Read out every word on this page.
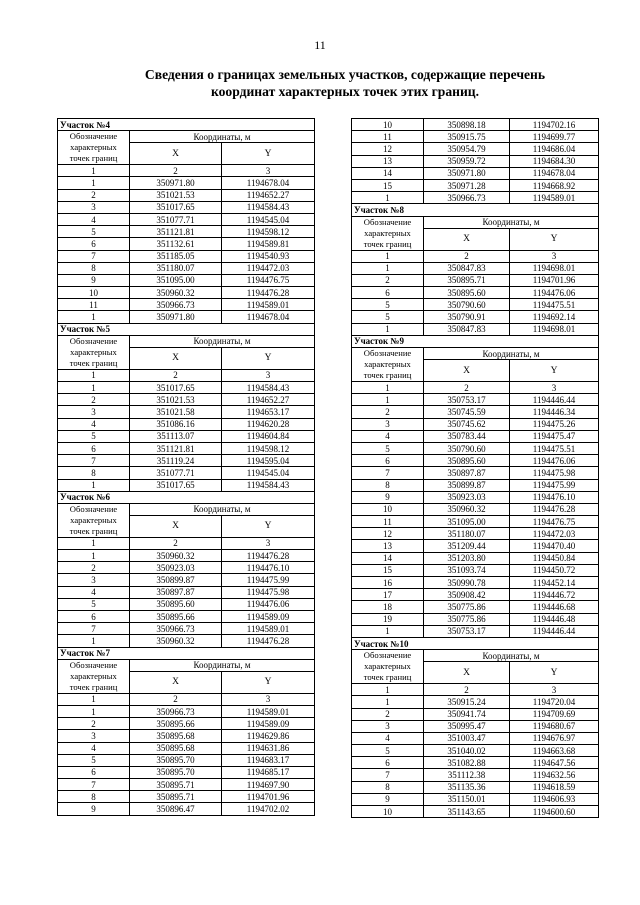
11
Сведения о границах земельных участков, содержащие перечень
координат характерных точек этих границ.
Участок №4		

Обозначение
характерных
точек границ	Координаты, м	
	X	Y

1	2	3
1	350971.80	1194678.04
2	351021.53	1194652.27
3	351017.65	1194584.43
4	351077.71	1194545.04
5	351121.81	1194598.12
6	351132.61	1194589.81
7	351185.05	1194540.93
8	351180.07	1194472.03
9	351095.00	1194476.75
10	350960.32	1194476.28
11	350966.73	1194589.01
1	350971.80	1194678.04
Участок №5		

Обозначение
характерных
точек границ	Координаты, м	
	X	Y

1	2	3
1	351017.65	1194584.43
2	351021.53	1194652.27
3	351021.58	1194653.17
4	351086.16	1194620.28
5	351113.07	1194604.84
6	351121.81	1194598.12
7	351119.24	1194595.04
8	351077.71	1194545.04
1	351017.65	1194584.43
Участок №6		

Обозначение
характерных
точек границ	Координаты, м	
	X	Y

1	2	3
1	350960.32	1194476.28
2	350923.03	1194476.10
3	350899.87	1194475.99
4	350897.87	1194475.98
5	350895.60	1194476.06
6	350895.66	1194589.09
7	350966.73	1194589.01
1	350960.32	1194476.28
Участок №7		

Обозначение
характерных
точек границ	Координаты, м	
	X	Y

1	2	3
1	350966.73	1194589.01
2	350895.66	1194589.09
3	350895.68	1194629.86
4	350895.68	1194631.86
5	350895.70	1194683.17
6	350895.70	1194685.17
7	350895.71	1194697.90
8	350895.71	1194701.96
9	350896.47	1194702.02
10	350898.18	1194702.16
11	350915.75	1194699.77
12	350954.79	1194686.04
13	350959.72	1194684.30
14	350971.80	1194678.04
15	350971.28	1194668.92
1	350966.73	1194589.01
Участок №8		

Обозначение
характерных
точек границ	Координаты, м	
	X	Y

1	2	3
1	350847.83	1194698.01
2	350895.71	1194701.96
6	350895.60	1194476.06
5	350790.60	1194475.51
5	350790.91	1194692.14
1	350847.83	1194698.01
Участок №9		

Обозначение
характерных
точек границ	Координаты, м	
	X	Y

1	2	3
1	350753.17	1194446.44
2	350745.59	1194446.34
3	350745.62	1194475.26
4	350783.44	1194475.47
5	350790.60	1194475.51
6	350895.60	1194476.06
7	350897.87	1194475.98
8	350899.87	1194475.99
9	350923.03	1194476.10
10	350960.32	1194476.28
11	351095.00	1194476.75
12	351180.07	1194472.03
13	351209.44	1194470.40
14	351203.80	1194450.84
15	351093.74	1194450.72
16	350990.78	1194452.14
17	350908.42	1194446.72
18	350775.86	1194446.68
19	350775.86	1194446.48
1	350753.17	1194446.44
Участок №10		

Обозначение
характерных
точек границ	Координаты, м	
	X	Y

1	2	3
1	350915.24	1194720.04
2	350941.74	1194709.69
3	350995.47	1194680.67
4	351003.47	1194676.97
5	351040.02	1194663.68
6	351082.88	1194647.56
7	351112.38	1194632.56
8	351135.36	1194618.59
9	351150.01	1194606.93
10	351143.65	1194600.60
